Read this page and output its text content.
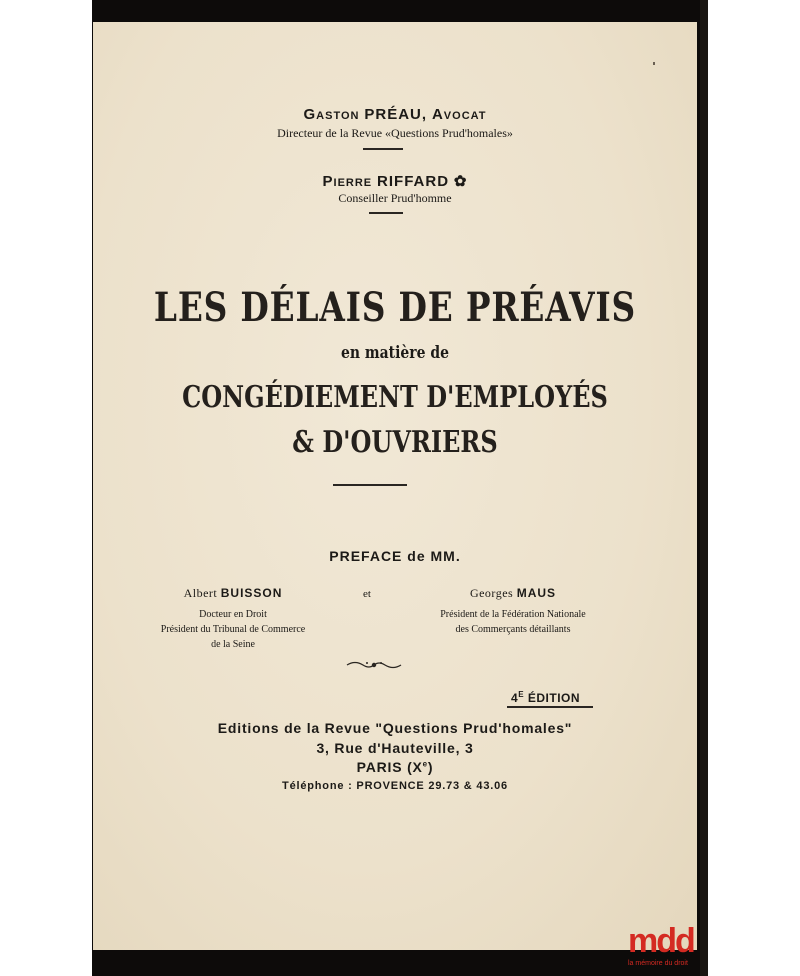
GASTON PRÉAU, AVOCAT
Directeur de la Revue «Questions Prud'homales»
PIERRE RIFFARD ✿
Conseiller Prud'homme
LES DÉLAIS DE PRÉAVIS
en matière de
CONGÉDIEMENT D'EMPLOYÉS
& D'OUVRIERS
PREFACE de MM.
Albert BUISSON
Docteur en Droit
Président du Tribunal de Commerce
de la Seine
et	Georges MAUS
Président de la Fédération Nationale
des Commerçants détaillants
$4^E$ ÉDITION
Editions de la Revue "Questions Prud'homales"
3, Rue d'Hauteville, 3
PARIS (Xe)
Téléphone : PROVENCE 29.73 & 43.06
mdd
la mémoire du droit
